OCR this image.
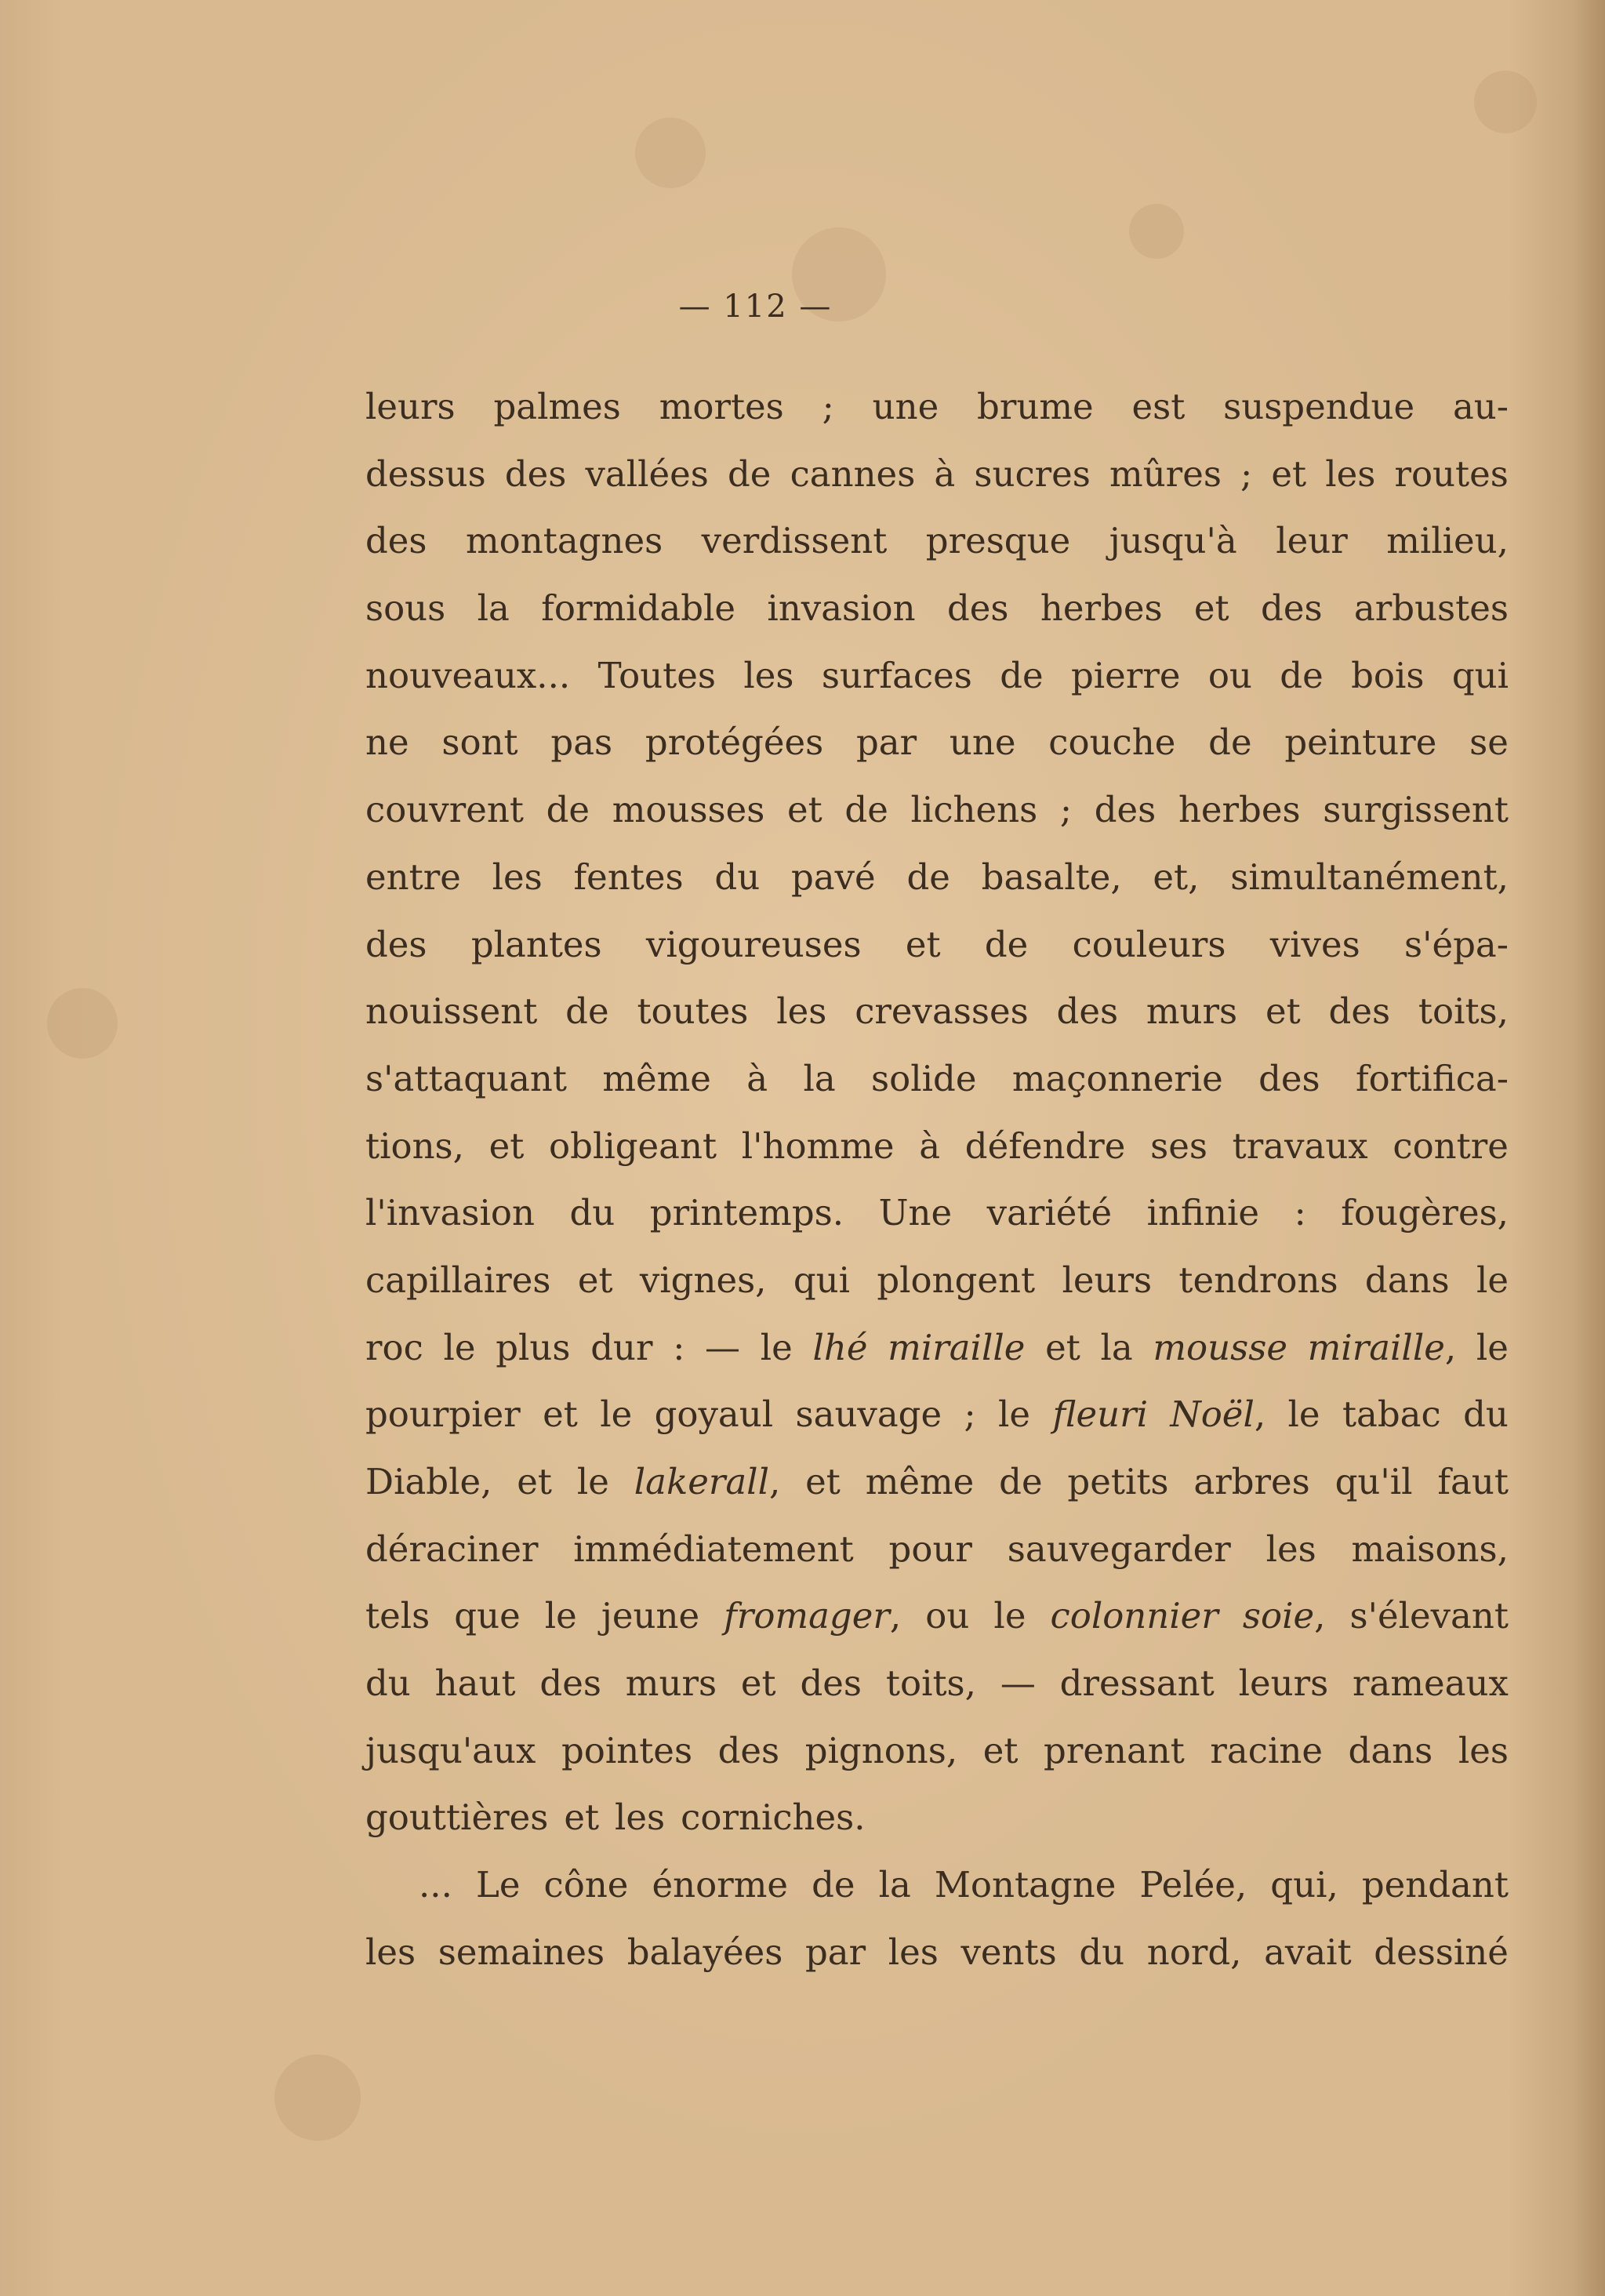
— 112 —
leurs palmes mortes ; une brume est suspendue au-
dessus des vallées de cannes à sucres mûres ; et les routes
des montagnes verdissent presque jusqu'à leur milieu,
sous la formidable invasion des herbes et des arbustes
nouveaux... Toutes les surfaces de pierre ou de bois qui
ne sont pas protégées par une couche de peinture se
couvrent de mousses et de lichens ; des herbes surgissent
entre les fentes du pavé de basalte, et, simultanément,
des plantes vigoureuses et de couleurs vives s'épa-
nouissent de toutes les crevasses des murs et des toits,
s'attaquant même à la solide maçonnerie des fortifica-
tions, et obligeant l'homme à défendre ses travaux contre
l'invasion du printemps. Une variété infinie : fougères,
capillaires et vignes, qui plongent leurs tendrons dans le
roc le plus dur : — le lhé miraille et la mousse miraille, le
pourpier et le goyaul sauvage ; le fleuri Noël, le tabac du
Diable, et le lakerall, et même de petits arbres qu'il faut
déraciner immédiatement pour sauvegarder les maisons,
tels que le jeune fromager, ou le colonnier soie, s'élevant
du haut des murs et des toits, — dressant leurs rameaux
jusqu'aux pointes des pignons, et prenant racine dans les
gouttières et les corniches.
... Le cône énorme de la Montagne Pelée, qui, pendant
les semaines balayées par les vents du nord, avait dessiné
